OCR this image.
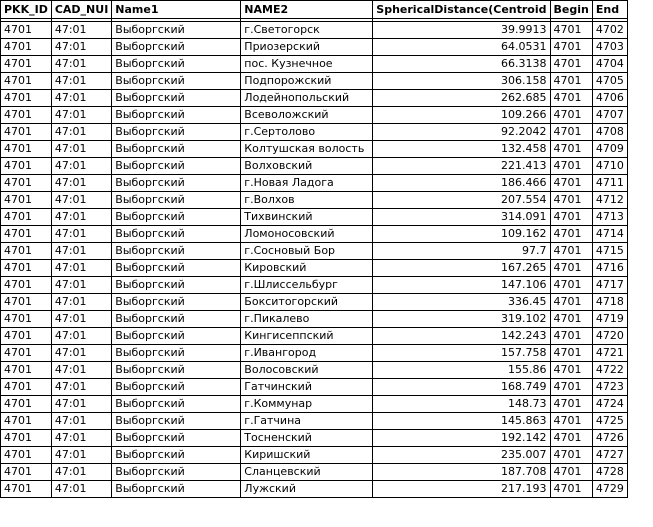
PKK_ID	CAD_NUI	Name1	NAME2	SphericalDistance(Centroid	Begin	End

4701	47:01	Выборгский	г.Светогорск	39.9913	4701	4702
4701	47:01	Выборгский	Приозерский	64.0531	4701	4703
4701	47:01	Выборгский	пос. Кузнечное	66.3138	4701	4704
4701	47:01	Выборгский	Подпорожский	306.158	4701	4705
4701	47:01	Выборгский	Лодейнопольский	262.685	4701	4706
4701	47:01	Выборгский	Всеволожский	109.266	4701	4707
4701	47:01	Выборгский	г.Сертолово	92.2042	4701	4708
4701	47:01	Выборгский	Колтушская волость	132.458	4701	4709
4701	47:01	Выборгский	Волховский	221.413	4701	4710
4701	47:01	Выборгский	г.Новая Ладога	186.466	4701	4711
4701	47:01	Выборгский	г.Волхов	207.554	4701	4712
4701	47:01	Выборгский	Тихвинский	314.091	4701	4713
4701	47:01	Выборгский	Ломоносовский	109.162	4701	4714
4701	47:01	Выборгский	г.Сосновый Бор	97.7	4701	4715
4701	47:01	Выборгский	Кировский	167.265	4701	4716
4701	47:01	Выборгский	г.Шлиссельбург	147.106	4701	4717
4701	47:01	Выборгский	Бокситогорский	336.45	4701	4718
4701	47:01	Выборгский	г.Пикалево	319.102	4701	4719
4701	47:01	Выборгский	Кингисеппский	142.243	4701	4720
4701	47:01	Выборгский	г.Ивангород	157.758	4701	4721
4701	47:01	Выборгский	Волосовский	155.86	4701	4722
4701	47:01	Выборгский	Гатчинский	168.749	4701	4723
4701	47:01	Выборгский	г.Коммунар	148.73	4701	4724
4701	47:01	Выборгский	г.Гатчина	145.863	4701	4725
4701	47:01	Выборгский	Тосненский	192.142	4701	4726
4701	47:01	Выборгский	Киришский	235.007	4701	4727
4701	47:01	Выборгский	Сланцевский	187.708	4701	4728
4701	47:01	Выборгский	Лужский	217.193	4701	4729
